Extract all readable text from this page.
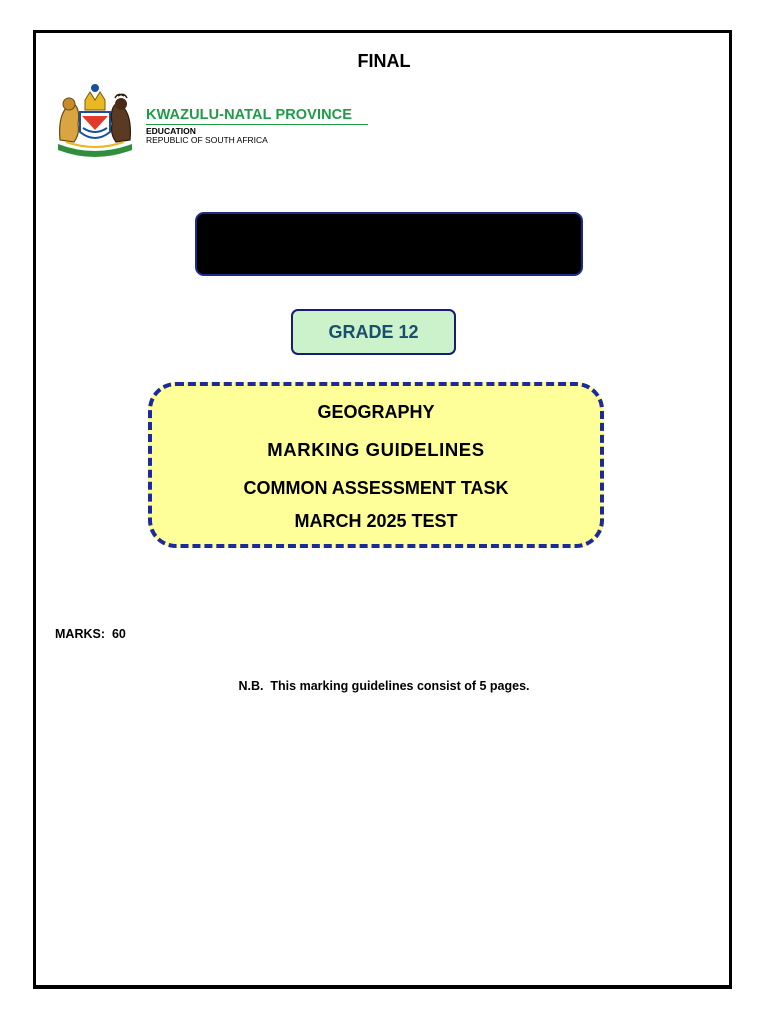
FINAL
KWAZULU-NATAL PROVINCE
EDUCATION
REPUBLIC OF SOUTH AFRICA
GRADE 12
GEOGRAPHY
MARKING GUIDELINES
COMMON ASSESSMENT TASK
MARCH 2025 TEST
MARKS: 60
N.B.  This marking guidelines consist of 5 pages.
